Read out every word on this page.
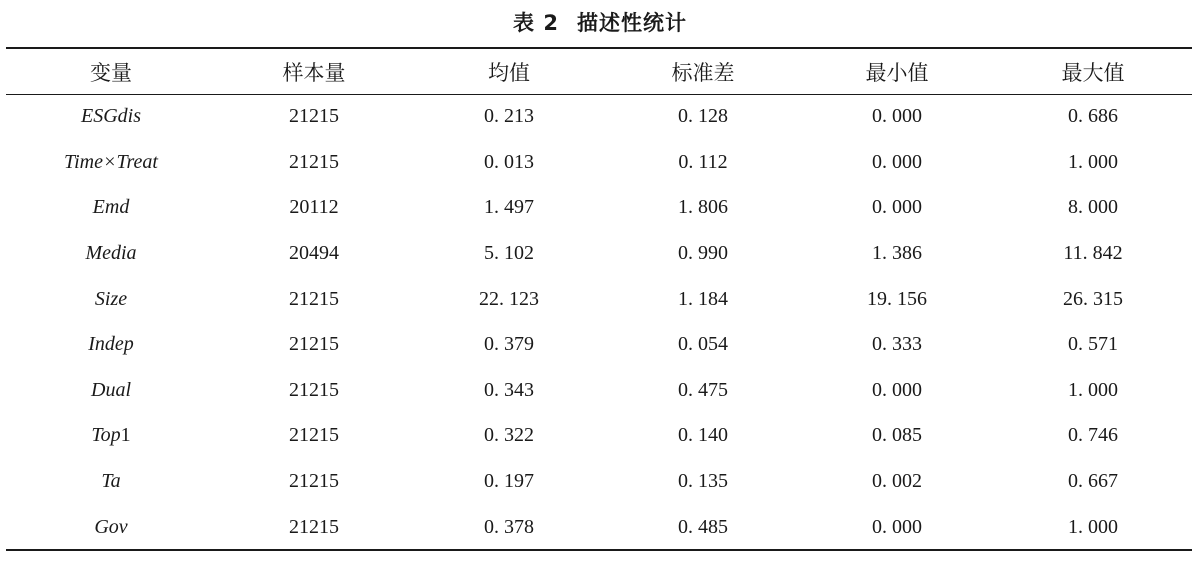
表 2 描述性统计
变量	样本量	均值	标准差	最小值	最大值
ESGdis	21215	0. 213	0. 128	0. 000	0. 686
Time×Treat	21215	0. 013	0. 112	0. 000	1. 000
Emd	20112	1. 497	1. 806	0. 000	8. 000
Media	20494	5. 102	0. 990	1. 386	11. 842
Size	21215	22. 123	1. 184	19. 156	26. 315
Indep	21215	0. 379	0. 054	0. 333	0. 571
Dual	21215	0. 343	0. 475	0. 000	1. 000
Top1	21215	0. 322	0. 140	0. 085	0. 746
Ta	21215	0. 197	0. 135	0. 002	0. 667
Gov	21215	0. 378	0. 485	0. 000	1. 000
